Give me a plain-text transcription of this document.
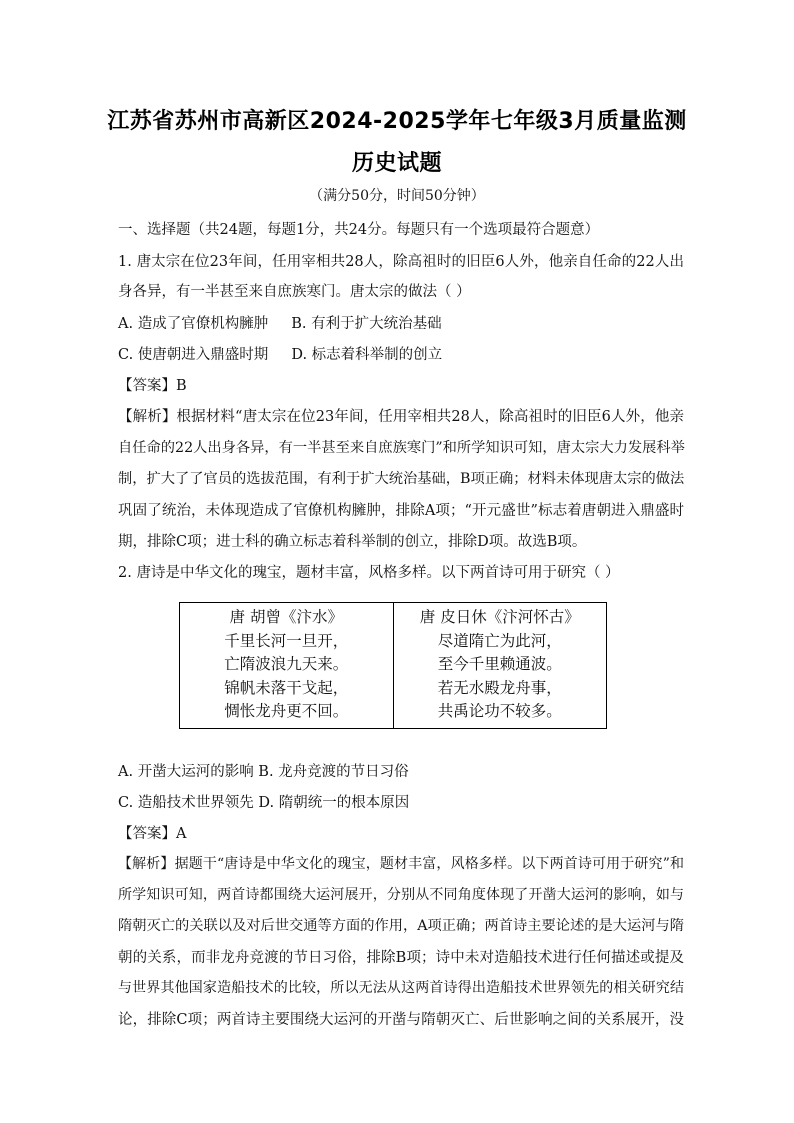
江苏省苏州市高新区2024-2025学年七年级3月质量监测
历史试题
（满分50分，时间50分钟）
一、选择题（共24题，每题1分，共24分。每题只有一个选项最符合题意）
1. 唐太宗在位23年间，任用宰相共28人，除高祖时的旧臣6人外，他亲自任命的22人出
身各异，有一半甚至来自庶族寒门。唐太宗的做法（ ）
A. 造成了官僚机构臃肿     B. 有利于扩大统治基础
C. 使唐朝进入鼎盛时期     D. 标志着科举制的创立
【答案】B
【解析】根据材料“唐太宗在位23年间，任用宰相共28人，除高祖时的旧臣6人外，他亲
自任命的22人出身各异，有一半甚至来自庶族寒门”和所学知识可知，唐太宗大力发展科举
制，扩大了了官员的选拔范围，有利于扩大统治基础，B项正确；材料未体现唐太宗的做法
巩固了统治，未体现造成了官僚机构臃肿，排除A项；“开元盛世”标志着唐朝进入鼎盛时
期，排除C项；进士科的确立标志着科举制的创立，排除D项。故选B项。
2. 唐诗是中华文化的瑰宝，题材丰富，风格多样。以下两首诗可用于研究（ ）
唐 胡曾《汴水》
千里长河一旦开，
亡隋波浪九天来。
锦帆未落干戈起，
惆怅龙舟更不回。
唐 皮日休《汴河怀古》
尽道隋亡为此河，
至今千里赖通波。
若无水殿龙舟事，
共禹论功不较多。
A. 开凿大运河的影响 B. 龙舟竞渡的节日习俗
C. 造船技术世界领先 D. 隋朝统一的根本原因
【答案】A
【解析】据题干“唐诗是中华文化的瑰宝，题材丰富，风格多样。以下两首诗可用于研究”和
所学知识可知，两首诗都围绕大运河展开，分别从不同角度体现了开凿大运河的影响，如与
隋朝灭亡的关联以及对后世交通等方面的作用，A项正确；两首诗主要论述的是大运河与隋
朝的关系，而非龙舟竞渡的节日习俗，排除B项；诗中未对造船技术进行任何描述或提及
与世界其他国家造船技术的比较，所以无法从这两首诗得出造船技术世界领先的相关研究结
论，排除C项；两首诗主要围绕大运河的开凿与隋朝灭亡、后世影响之间的关系展开，没
